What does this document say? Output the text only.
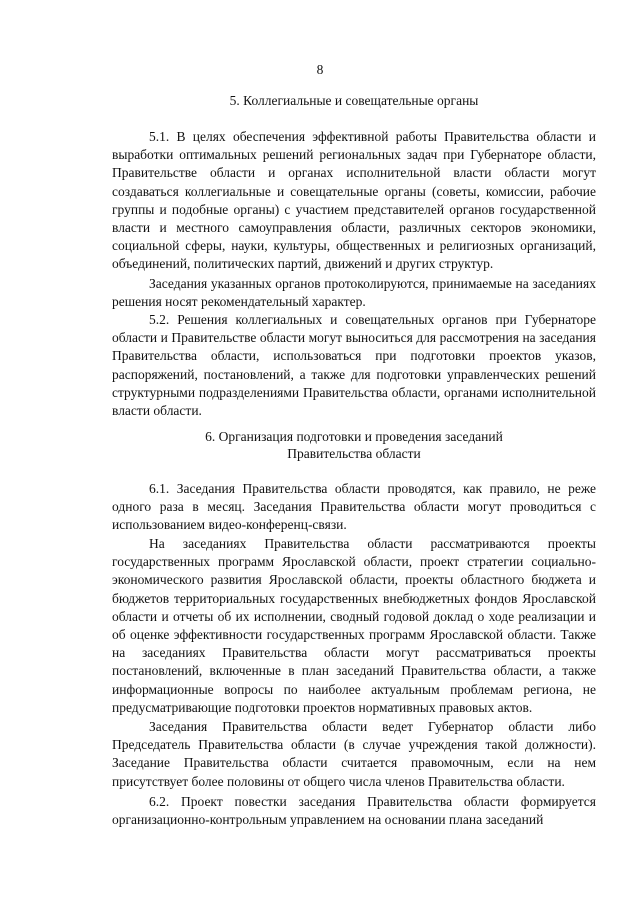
8
5. Коллегиальные и совещательные органы
5.1. В целях обеспечения эффективной работы Правительства области и выработки оптимальных решений региональных задач при Губернаторе области, Правительстве области и органах исполнительной власти области могут создаваться коллегиальные и совещательные органы (советы, комиссии, рабочие группы и подобные органы) с участием представителей органов государственной власти и местного самоуправления области, различных секторов экономики, социальной сферы, науки, культуры, общественных и религиозных организаций, объединений, политических партий, движений и других структур.
Заседания указанных органов протоколируются, принимаемые на заседаниях решения носят рекомендательный характер.
5.2. Решения коллегиальных и совещательных органов при Губернаторе области и Правительстве области могут выноситься для рассмотрения на заседания Правительства области, использоваться при подготовки проектов указов, распоряжений, постановлений, а также для подготовки управленческих решений структурными подразделениями Правительства области, органами исполнительной власти области.
6. Организация подготовки и проведения заседаний
Правительства области
6.1. Заседания Правительства области проводятся, как правило, не реже одного раза в месяц. Заседания Правительства области могут проводиться с использованием видео-конференц-связи.
На заседаниях Правительства области рассматриваются проекты государственных программ Ярославской области, проект стратегии социально-экономического развития Ярославской области, проекты областного бюджета и бюджетов территориальных государственных внебюджетных фондов Ярославской области и отчеты об их исполнении, сводный годовой доклад о ходе реализации и об оценке эффективности государственных программ Ярославской области. Также на заседаниях Правительства области могут рассматриваться проекты постановлений, включенные в план заседаний Правительства области, а также информационные вопросы по наиболее актуальным проблемам региона, не предусматривающие подготовки проектов нормативных правовых актов.
Заседания Правительства области ведет Губернатор области либо Председатель Правительства области (в случае учреждения такой должности). Заседание Правительства области считается правомочным, если на нем присутствует более половины от общего числа членов Правительства области.
6.2. Проект повестки заседания Правительства области формируется организационно-контрольным управлением на основании плана заседаний
